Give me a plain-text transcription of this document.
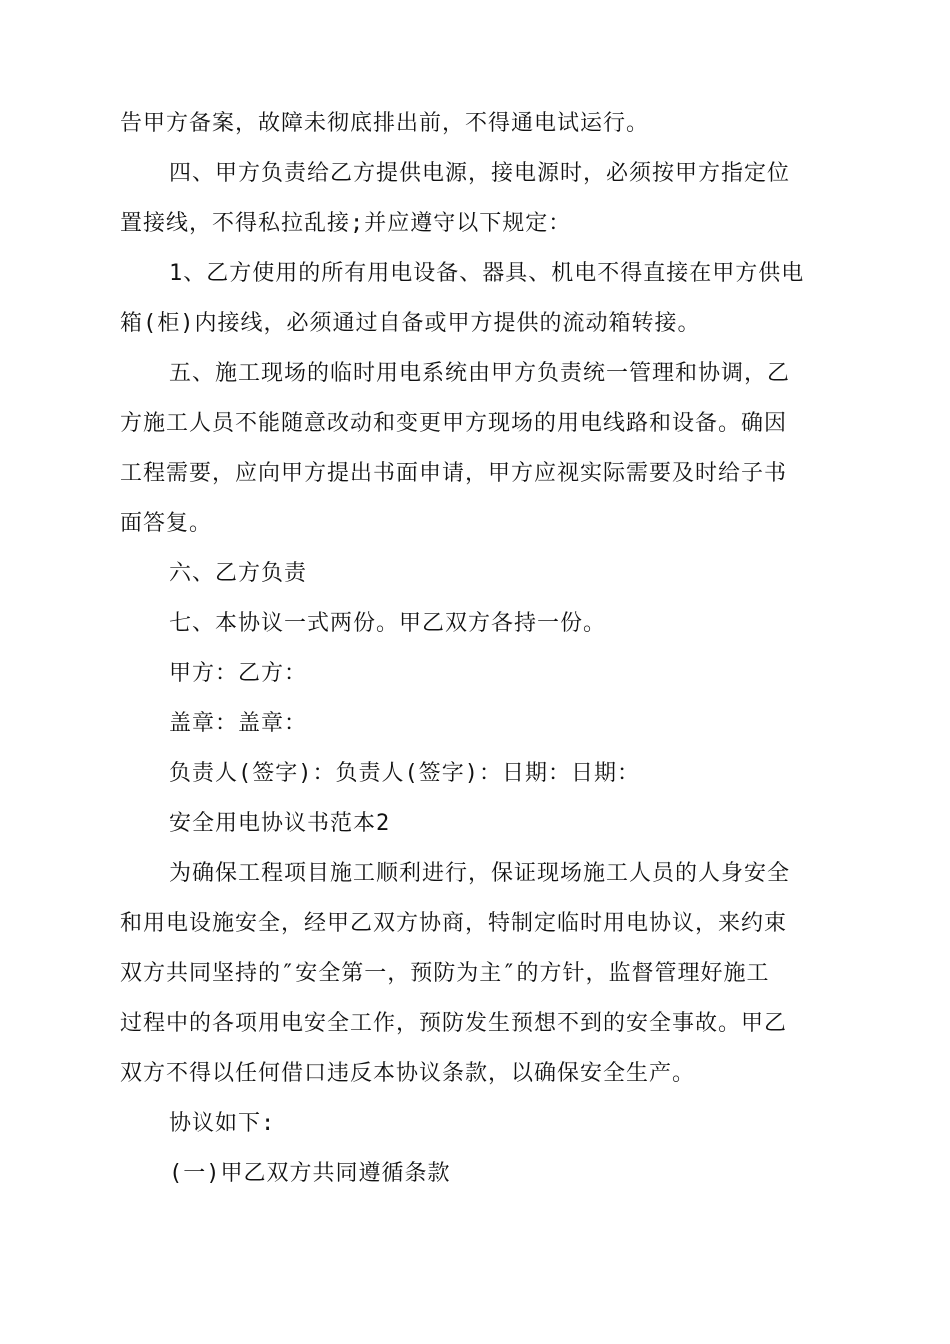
告甲方备案，故障未彻底排出前，不得通电试运行。
四、甲方负责给乙方提供电源，接电源时，必须按甲方指定位
置接线，不得私拉乱接;并应遵守以下规定：
1、乙方使用的所有用电设备、器具、机电不得直接在甲方供电
箱(柜)内接线，必须通过自备或甲方提供的流动箱转接。
五、施工现场的临时用电系统由甲方负责统一管理和协调，乙
方施工人员不能随意改动和变更甲方现场的用电线路和设备。确因
工程需要，应向甲方提出书面申请，甲方应视实际需要及时给子书
面答复。
六、乙方负责
七、本协议一式两份。甲乙双方各持一份。
甲方：乙方：
盖章：盖章：
负责人(签字)：负责人(签字)：日期：日期：
安全用电协议书范本2
为确保工程项目施工顺利进行，保证现场施工人员的人身安全
和用电设施安全，经甲乙双方协商，特制定临时用电协议，来约束
双方共同坚持的″安全第一，预防为主″的方针，监督管理好施工
过程中的各项用电安全工作，预防发生预想不到的安全事故。甲乙
双方不得以任何借口违反本协议条款，以确保安全生产。
协议如下:
(一)甲乙双方共同遵循条款
